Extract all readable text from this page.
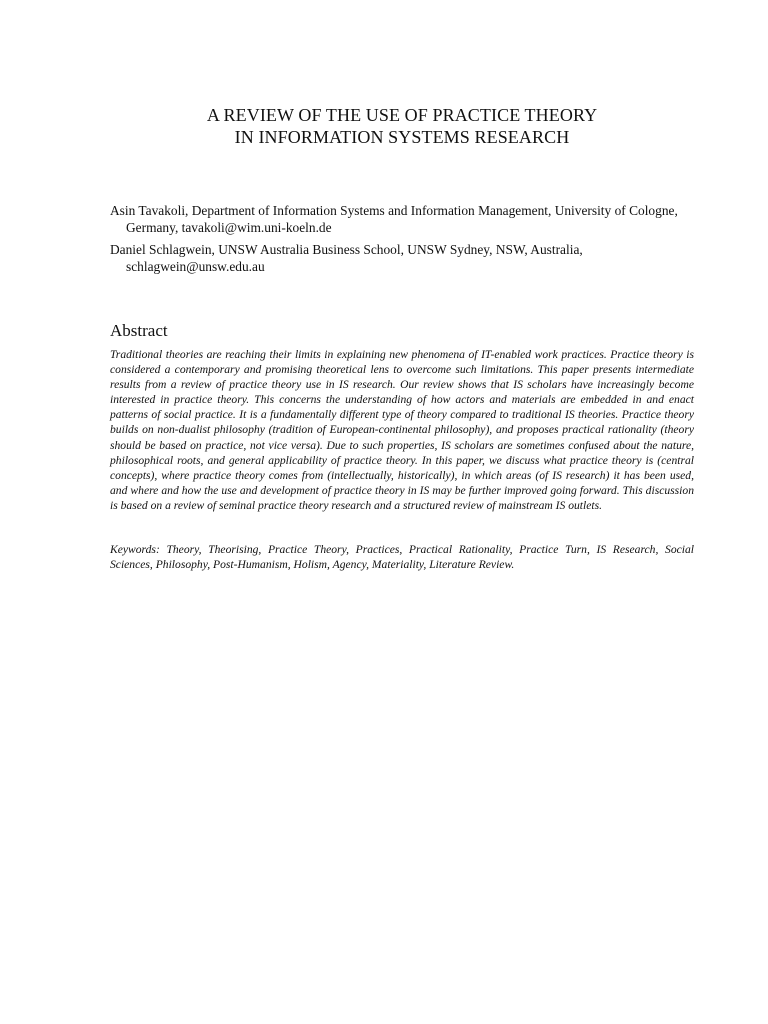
A REVIEW OF THE USE OF PRACTICE THEORY
IN INFORMATION SYSTEMS RESEARCH

Asin Tavakoli, Department of Information Systems and Information Management, University of Cologne, Germany, tavakoli@wim.uni-koeln.de

Daniel Schlagwein, UNSW Australia Business School, UNSW Sydney, NSW, Australia, schlagwein@unsw.edu.au

Abstract

Traditional theories are reaching their limits in explaining new phenomena of IT-enabled work practices. Practice theory is considered a contemporary and promising theoretical lens to overcome such limitations. This paper presents intermediate results from a review of practice theory use in IS research. Our review shows that IS scholars have increasingly become interested in practice theory. This concerns the understanding of how actors and materials are embedded in and enact patterns of social practice. It is a fundamentally different type of theory compared to traditional IS theories. Practice theory builds on non-dualist philosophy (tradition of European-continental philosophy), and proposes practical rationality (theory should be based on practice, not vice versa). Due to such properties, IS scholars are sometimes confused about the nature, philosophical roots, and general applicability of practice theory. In this paper, we discuss what practice theory is (central concepts), where practice theory comes from (intellectually, historically), in which areas (of IS research) it has been used, and where and how the use and development of practice theory in IS may be further improved going forward. This discussion is based on a review of seminal practice theory research and a structured review of mainstream IS outlets.

Keywords: Theory, Theorising, Practice Theory, Practices, Practical Rationality, Practice Turn, IS Research, Social Sciences, Philosophy, Post-Humanism, Holism, Agency, Materiality, Literature Review.
